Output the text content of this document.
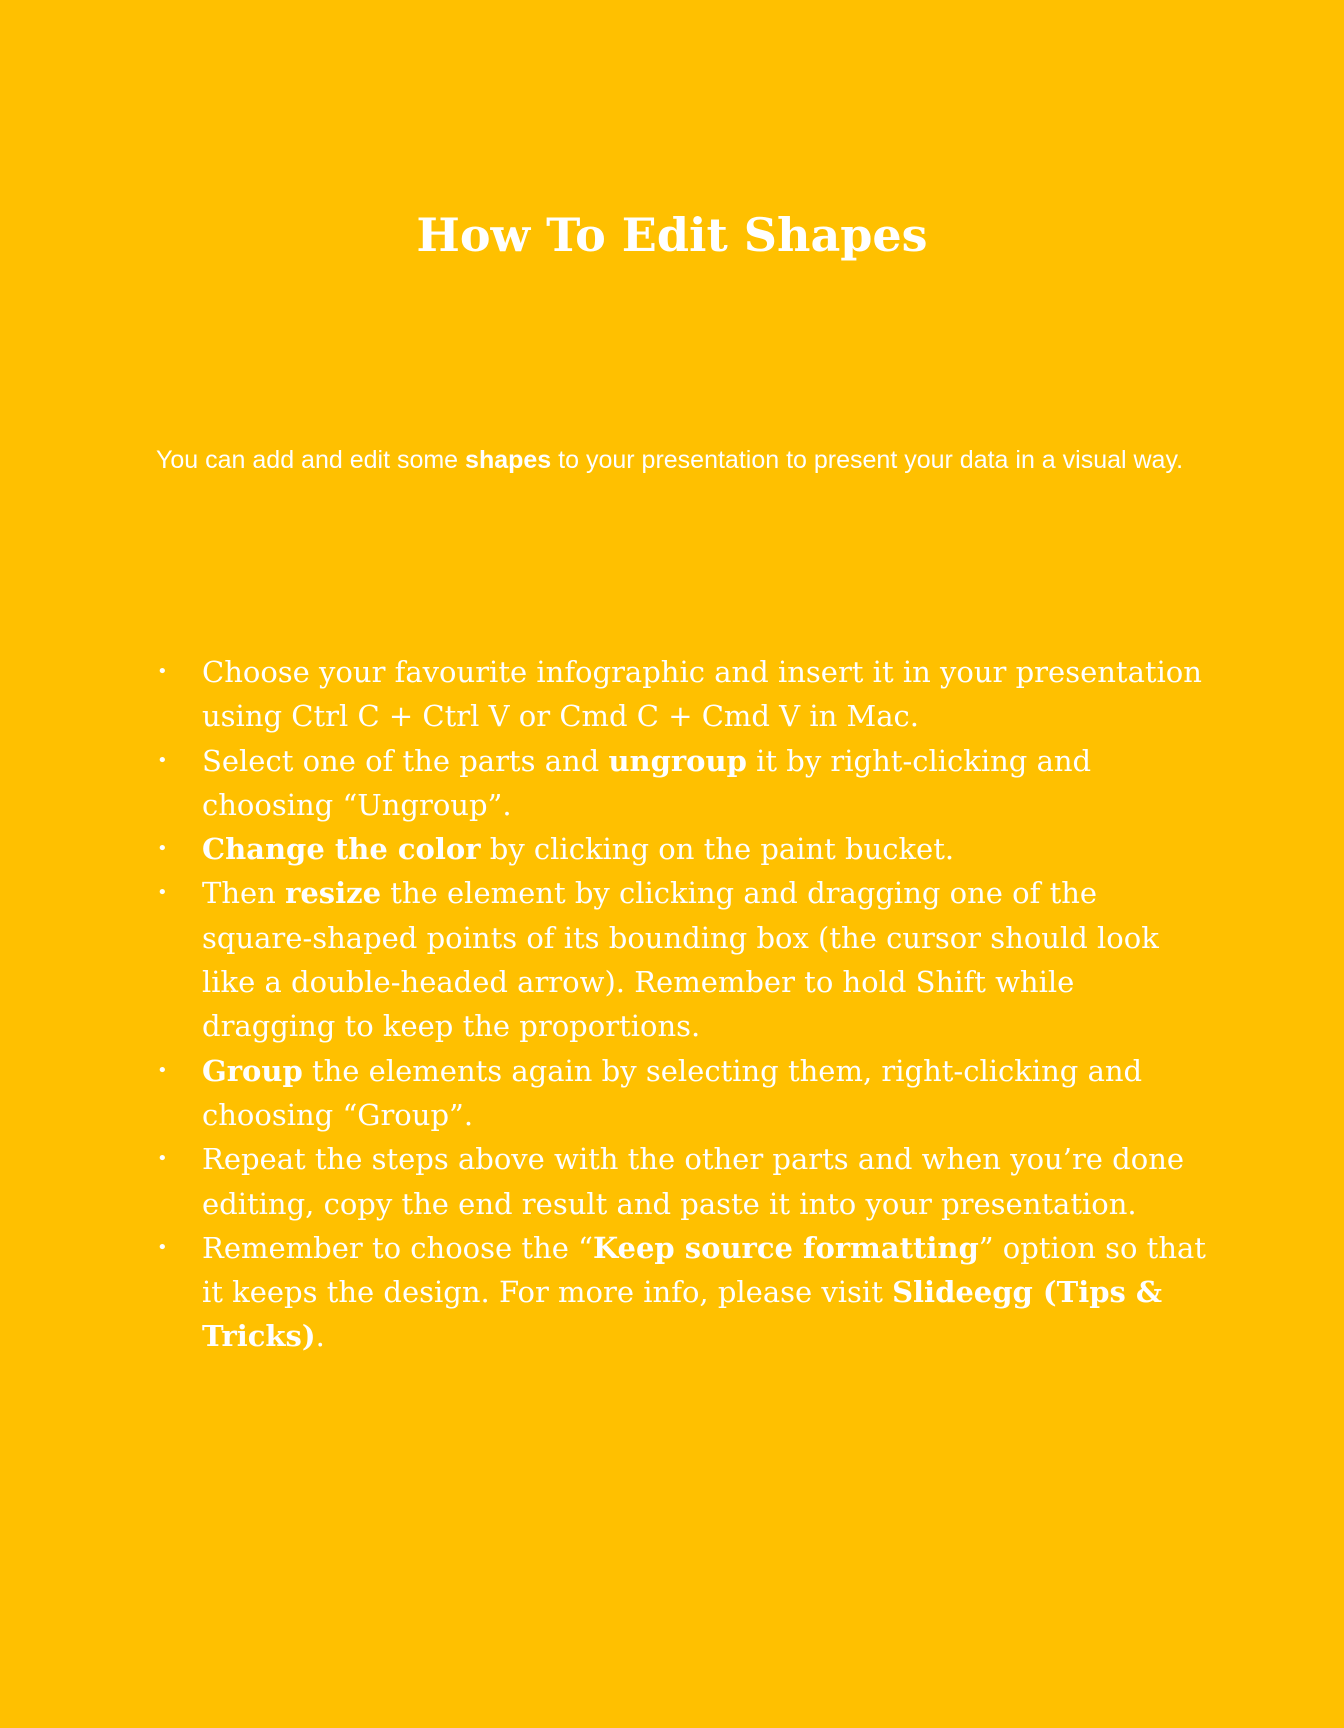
How To Edit Shapes

You can add and edit some shapes to your presentation to present your data in a visual way.

•	Choose your favourite infographic and insert it in your presentation using Ctrl C + Ctrl V or Cmd C + Cmd V in Mac.
•	Select one of the parts and ungroup it by right-clicking and choosing “Ungroup”.
•	Change the color by clicking on the paint bucket.
•	Then resize the element by clicking and dragging one of the square-shaped points of its bounding box (the cursor should look like a double-headed arrow). Remember to hold Shift while dragging to keep the proportions.
•	Group the elements again by selecting them, right-clicking and choosing “Group”.
•	Repeat the steps above with the other parts and when you’re done editing, copy the end result and paste it into your presentation.
•	Remember to choose the “Keep source formatting” option so that it keeps the design. For more info, please visit Slideegg (Tips & Tricks).
